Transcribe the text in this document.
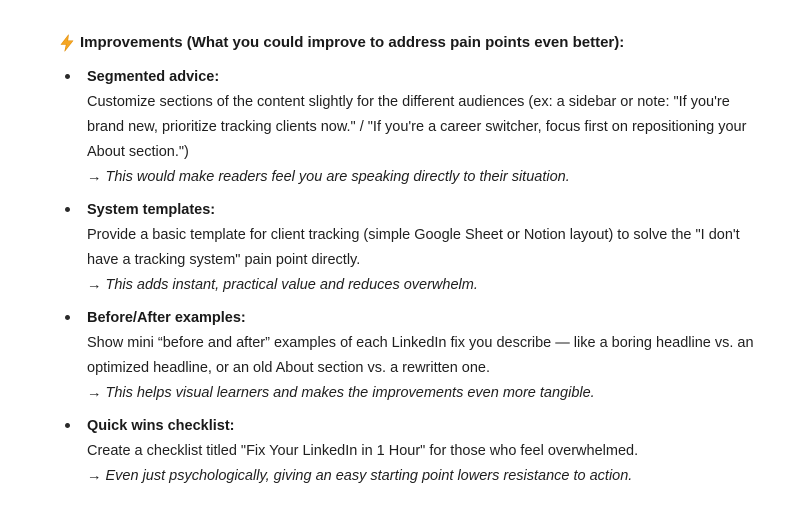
Improvements (What you could improve to address pain points even better):

Segmented advice:

Customize sections of the content slightly for the different audiences (ex: a sidebar or note: "If you're brand new, prioritize tracking clients now." / "If you're a career switcher, focus first on repositioning your About section.")

→ This would make readers feel you are speaking directly to their situation.

System templates:

Provide a basic template for client tracking (simple Google Sheet or Notion layout) to solve the "I don't have a tracking system" pain point directly.

→ This adds instant, practical value and reduces overwhelm.

Before/After examples:

Show mini “before and after” examples of each LinkedIn fix you describe — like a boring headline vs. an optimized headline, or an old About section vs. a rewritten one.

→ This helps visual learners and makes the improvements even more tangible.

Quick wins checklist:

Create a checklist titled "Fix Your LinkedIn in 1 Hour" for those who feel overwhelmed.

→ Even just psychologically, giving an easy starting point lowers resistance to action.
